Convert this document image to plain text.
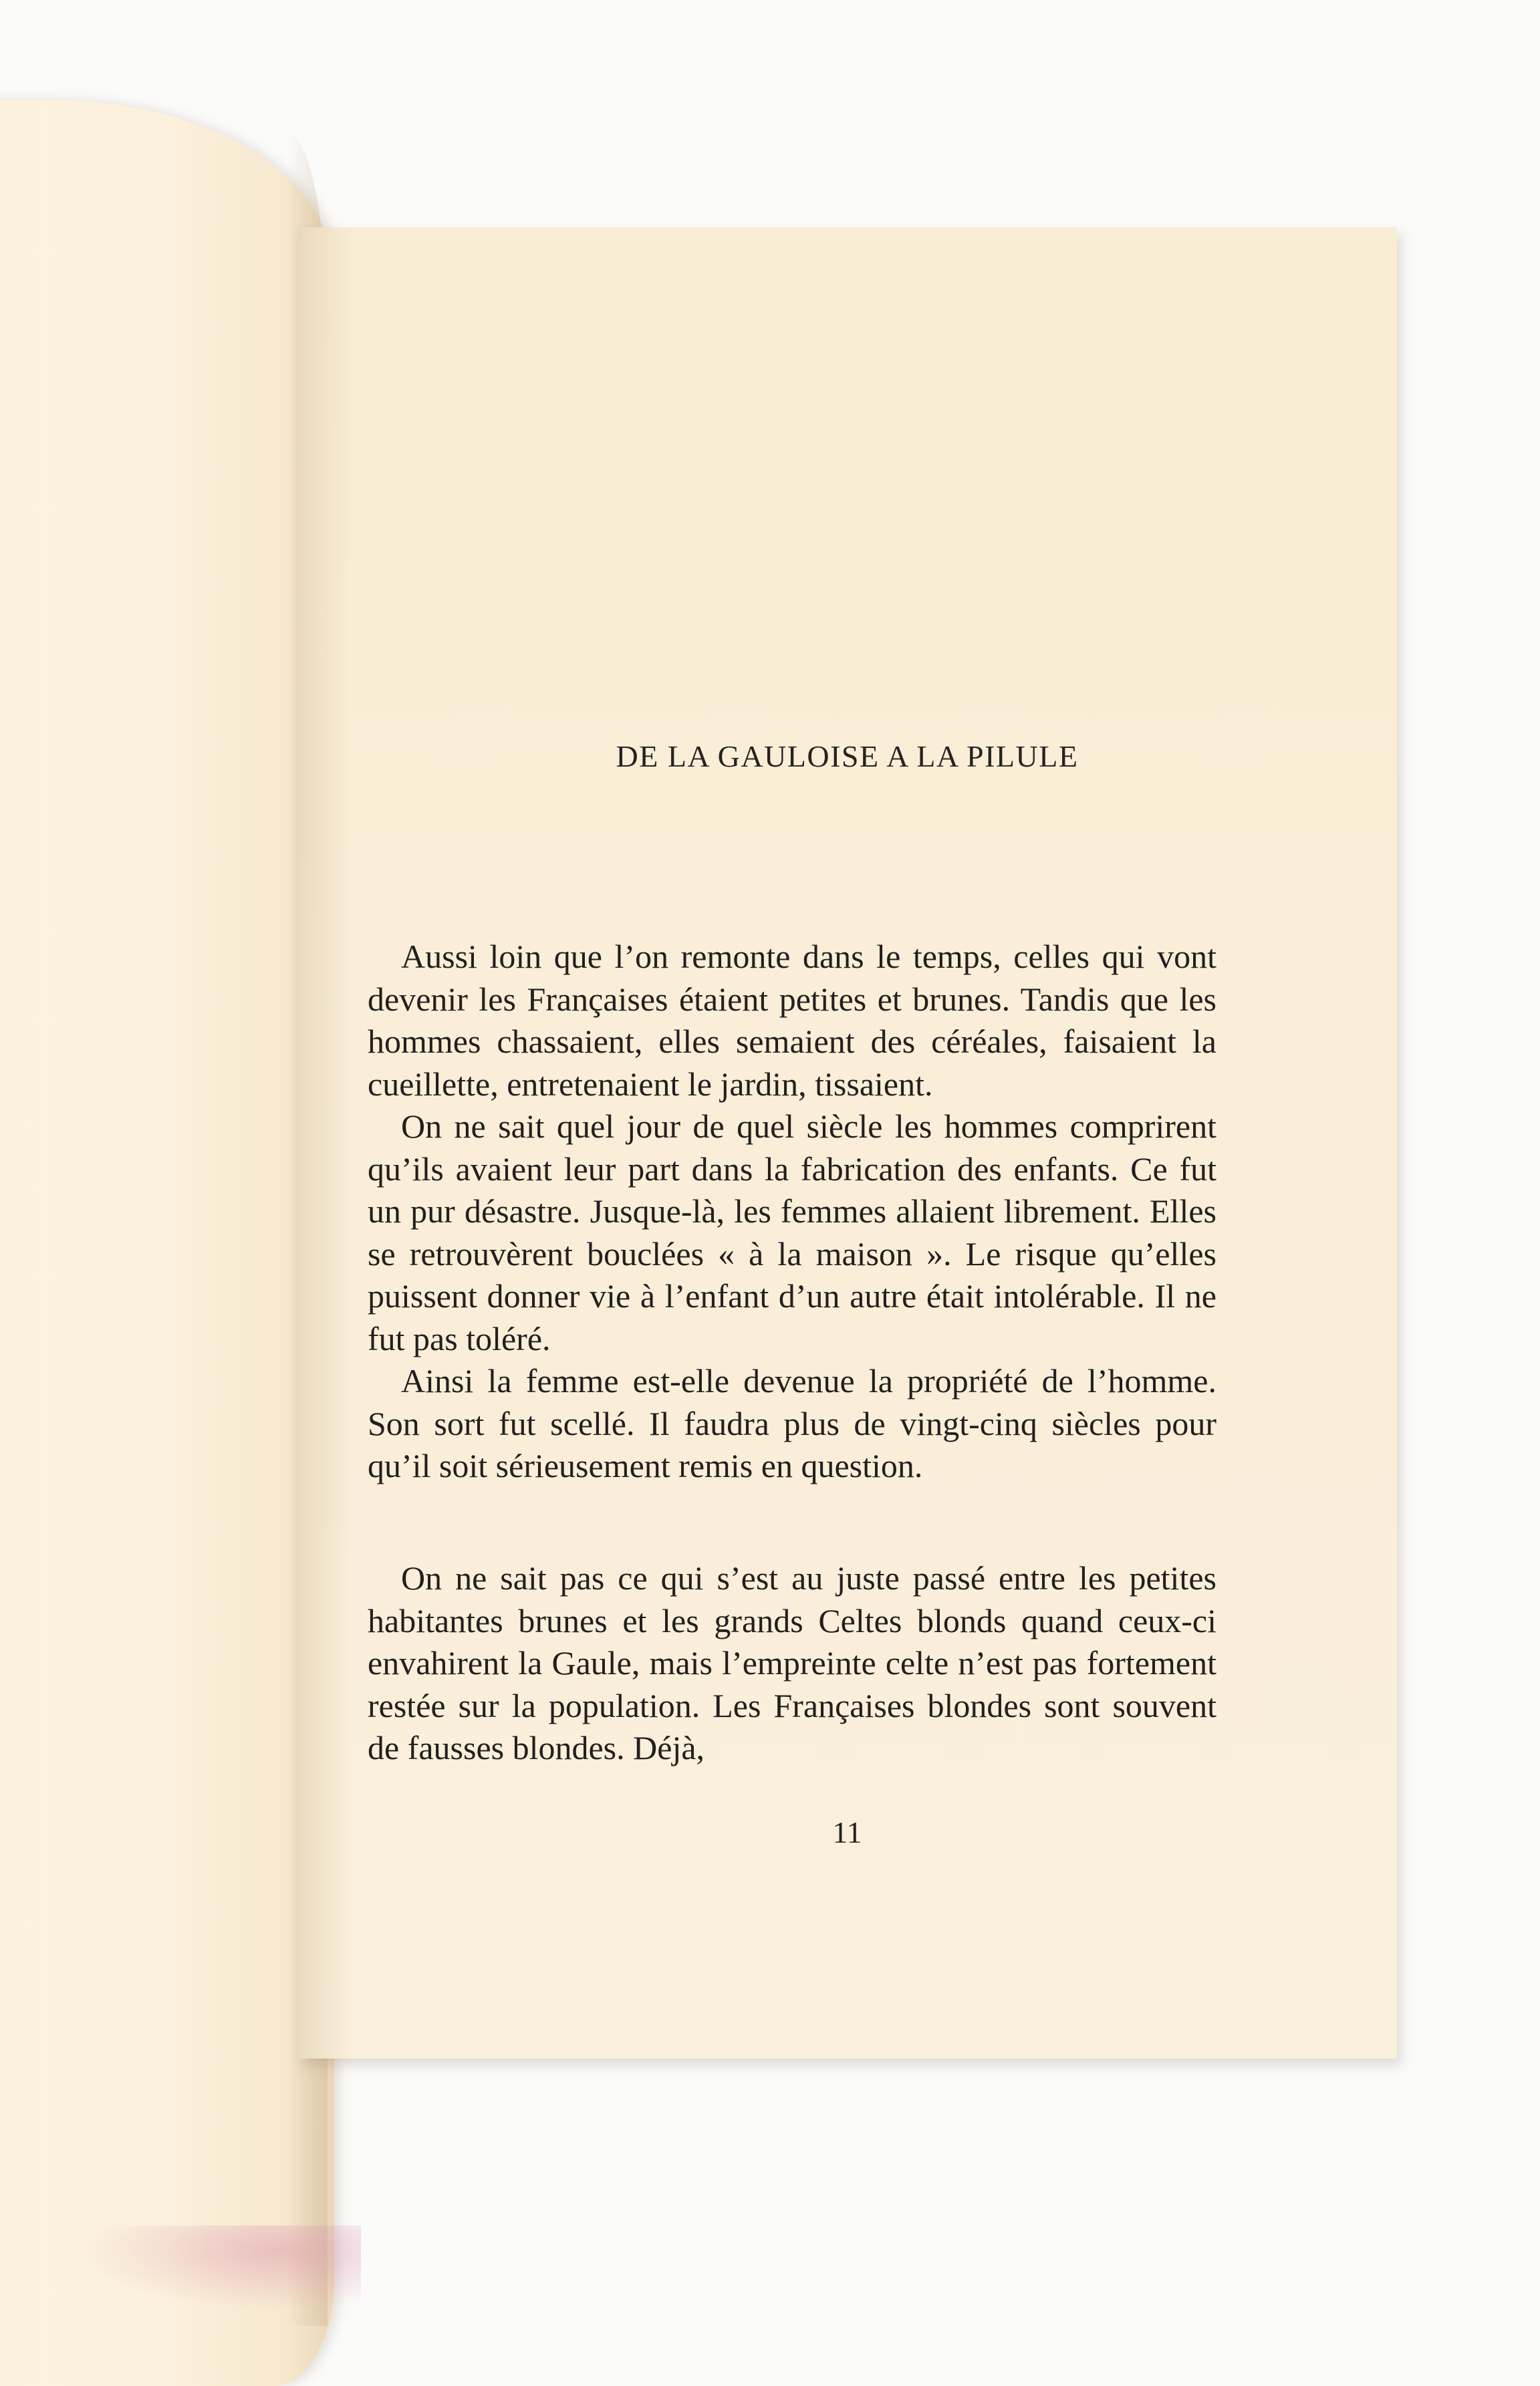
DE LA GAULOISE A LA PILULE

Aussi loin que l’on remonte dans le temps, celles qui vont devenir les Françaises étaient petites et brunes. Tandis que les hommes chassaient, elles semaient des céréales, faisaient la cueillette, entretenaient le jardin, tissaient.

On ne sait quel jour de quel siècle les hommes comprirent qu’ils avaient leur part dans la fabrication des enfants. Ce fut un pur désastre. Jusque-là, les femmes allaient librement. Elles se retrouvèrent bouclées « à la maison ». Le risque qu’elles puissent donner vie à l’enfant d’un autre était intolérable. Il ne fut pas toléré.

Ainsi la femme est-elle devenue la propriété de l’homme. Son sort fut scellé. Il faudra plus de vingt-cinq siècles pour qu’il soit sérieusement remis en question.

On ne sait pas ce qui s’est au juste passé entre les petites habitantes brunes et les grands Celtes blonds quand ceux-ci envahirent la Gaule, mais l’empreinte celte n’est pas fortement restée sur la population. Les Françaises blondes sont souvent de fausses blondes. Déjà,

11
